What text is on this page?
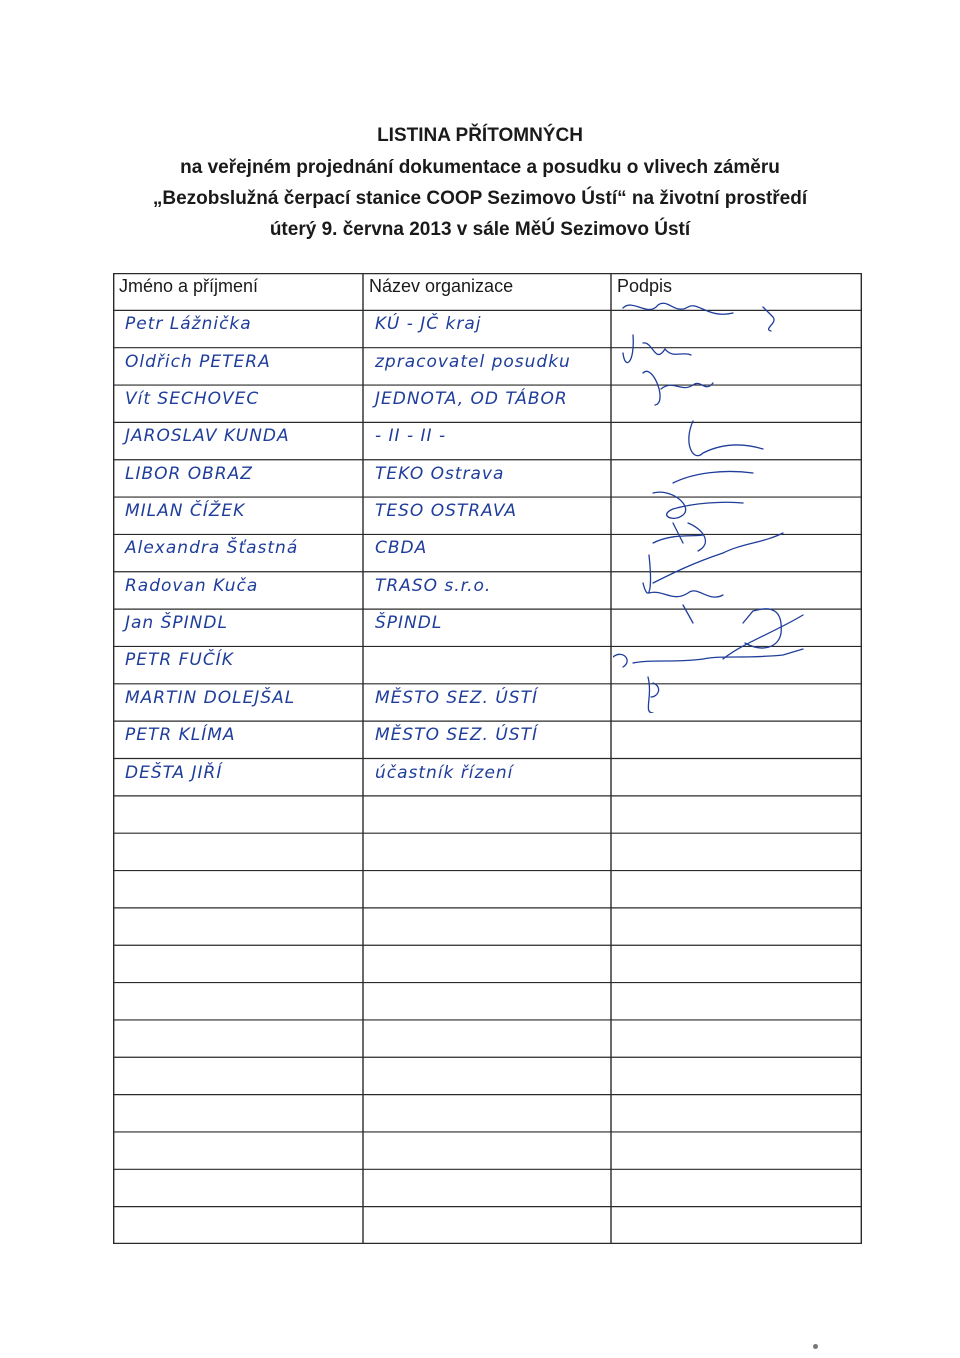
LISTINA PŘÍTOMNÝCH
na veřejném projednání dokumentace a posudku o vlivech záměru
„Bezobslužná čerpací stanice COOP Sezimovo Ústí“ na životní prostředí
úterý 9. června 2013 v sále MěÚ Sezimovo Ústí
Jméno a příjmení	Název organizace	Podpis
Petr Lážnička	KÚ - JČ kraj
Oldřich PETERA	zpracovatel posudku
Vít SECHOVEC	JEDNOTA, OD TÁBOR
JAROSLAV KUNDA	- II - II -
LIBOR OBRAZ	TEKO Ostrava
MILAN ČÍŽEK	TESO OSTRAVA
Alexandra Šťastná	CBDA
Radovan Kuča	TRASO s.r.o.
Jan ŠPINDL	ŠPINDL
PETR FUČÍK
MARTIN DOLEJŠAL	MĚSTO SEZ. ÚSTÍ
PETR KLÍMA	MĚSTO SEZ. ÚSTÍ
DEŠTA JIŘÍ	účastník řízení
